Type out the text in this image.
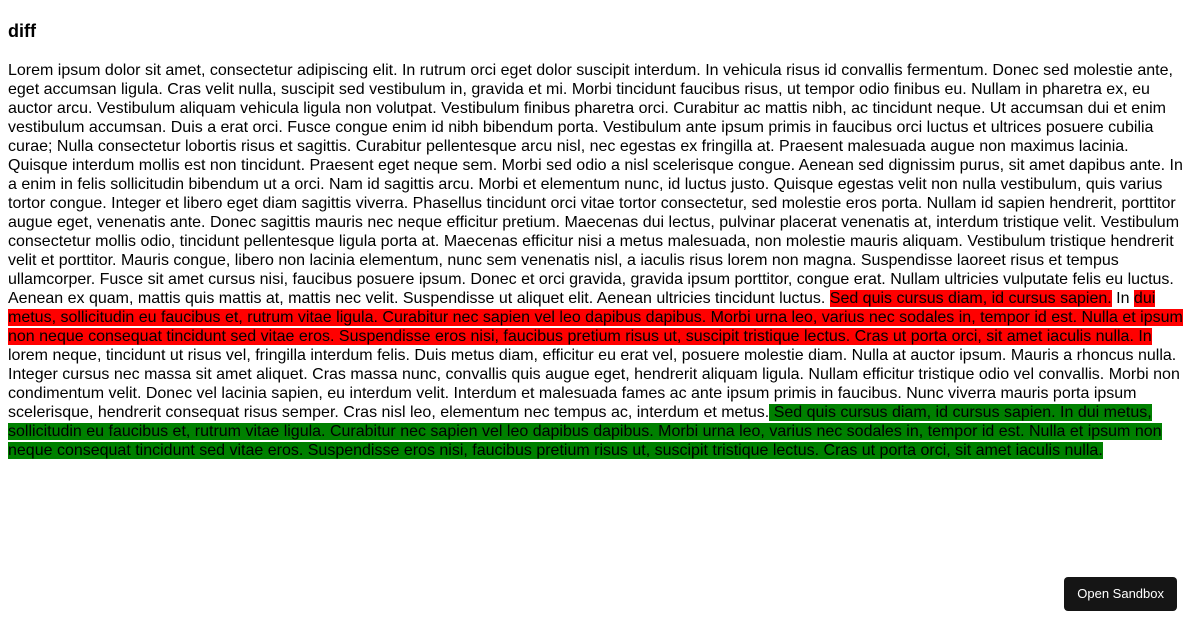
diff
Lorem ipsum dolor sit amet, consectetur adipiscing elit. In rutrum orci eget dolor suscipit interdum. In vehicula risus id convallis fermentum. Donec sed molestie ante, eget accumsan ligula. Cras velit nulla, suscipit sed vestibulum in, gravida et mi. Morbi tincidunt faucibus risus, ut tempor odio finibus eu. Nullam in pharetra ex, eu auctor arcu. Vestibulum aliquam vehicula ligula non volutpat. Vestibulum finibus pharetra orci. Curabitur ac mattis nibh, ac tincidunt neque. Ut accumsan dui et enim vestibulum accumsan. Duis a erat orci. Fusce congue enim id nibh bibendum porta. Vestibulum ante ipsum primis in faucibus orci luctus et ultrices posuere cubilia curae; Nulla consectetur lobortis risus et sagittis. Curabitur pellentesque arcu nisl, nec egestas ex fringilla at. Praesent malesuada augue non maximus lacinia. Quisque interdum mollis est non tincidunt. Praesent eget neque sem. Morbi sed odio a nisl scelerisque congue. Aenean sed dignissim purus, sit amet dapibus ante. In a enim in felis sollicitudin bibendum ut a orci. Nam id sagittis arcu. Morbi et elementum nunc, id luctus justo. Quisque egestas velit non nulla vestibulum, quis varius tortor congue. Integer et libero eget diam sagittis viverra. Phasellus tincidunt orci vitae tortor consectetur, sed molestie eros porta. Nullam id sapien hendrerit, porttitor augue eget, venenatis ante. Donec sagittis mauris nec neque efficitur pretium. Maecenas dui lectus, pulvinar placerat venenatis at, interdum tristique velit. Vestibulum consectetur mollis odio, tincidunt pellentesque ligula porta at. Maecenas efficitur nisi a metus malesuada, non molestie mauris aliquam. Vestibulum tristique hendrerit velit et porttitor. Mauris congue, libero non lacinia elementum, nunc sem venenatis nisl, a iaculis risus lorem non magna. Suspendisse laoreet risus et tempus ullamcorper. Fusce sit amet cursus nisi, faucibus posuere ipsum. Donec et orci gravida, gravida ipsum porttitor, congue erat. Nullam ultricies vulputate felis eu luctus. Aenean ex quam, mattis quis mattis at, mattis nec velit. Suspendisse ut aliquet elit. Aenean ultricies tincidunt luctus. Sed quis cursus diam, id cursus sapien. In dui metus, sollicitudin eu faucibus et, rutrum vitae ligula. Curabitur nec sapien vel leo dapibus dapibus. Morbi urna leo, varius nec sodales in, tempor id est. Nulla et ipsum non neque consequat tincidunt sed vitae eros. Suspendisse eros nisi, faucibus pretium risus ut, suscipit tristique lectus. Cras ut porta orci, sit amet iaculis nulla. In lorem neque, tincidunt ut risus vel, fringilla interdum felis. Duis metus diam, efficitur eu erat vel, posuere molestie diam. Nulla at auctor ipsum. Mauris a rhoncus nulla. Integer cursus nec massa sit amet aliquet. Cras massa nunc, convallis quis augue eget, hendrerit aliquam ligula. Nullam efficitur tristique odio vel convallis. Morbi non condimentum velit. Donec vel lacinia sapien, eu interdum velit. Interdum et malesuada fames ac ante ipsum primis in faucibus. Nunc viverra mauris porta ipsum scelerisque, hendrerit consequat risus semper. Cras nisl leo, elementum nec tempus ac, interdum et metus. Sed quis cursus diam, id cursus sapien. In dui metus, sollicitudin eu faucibus et, rutrum vitae ligula. Curabitur nec sapien vel leo dapibus dapibus. Morbi urna leo, varius nec sodales in, tempor id est. Nulla et ipsum non neque consequat tincidunt sed vitae eros. Suspendisse eros nisi, faucibus pretium risus ut, suscipit tristique lectus. Cras ut porta orci, sit amet iaculis nulla.
Open Sandbox
